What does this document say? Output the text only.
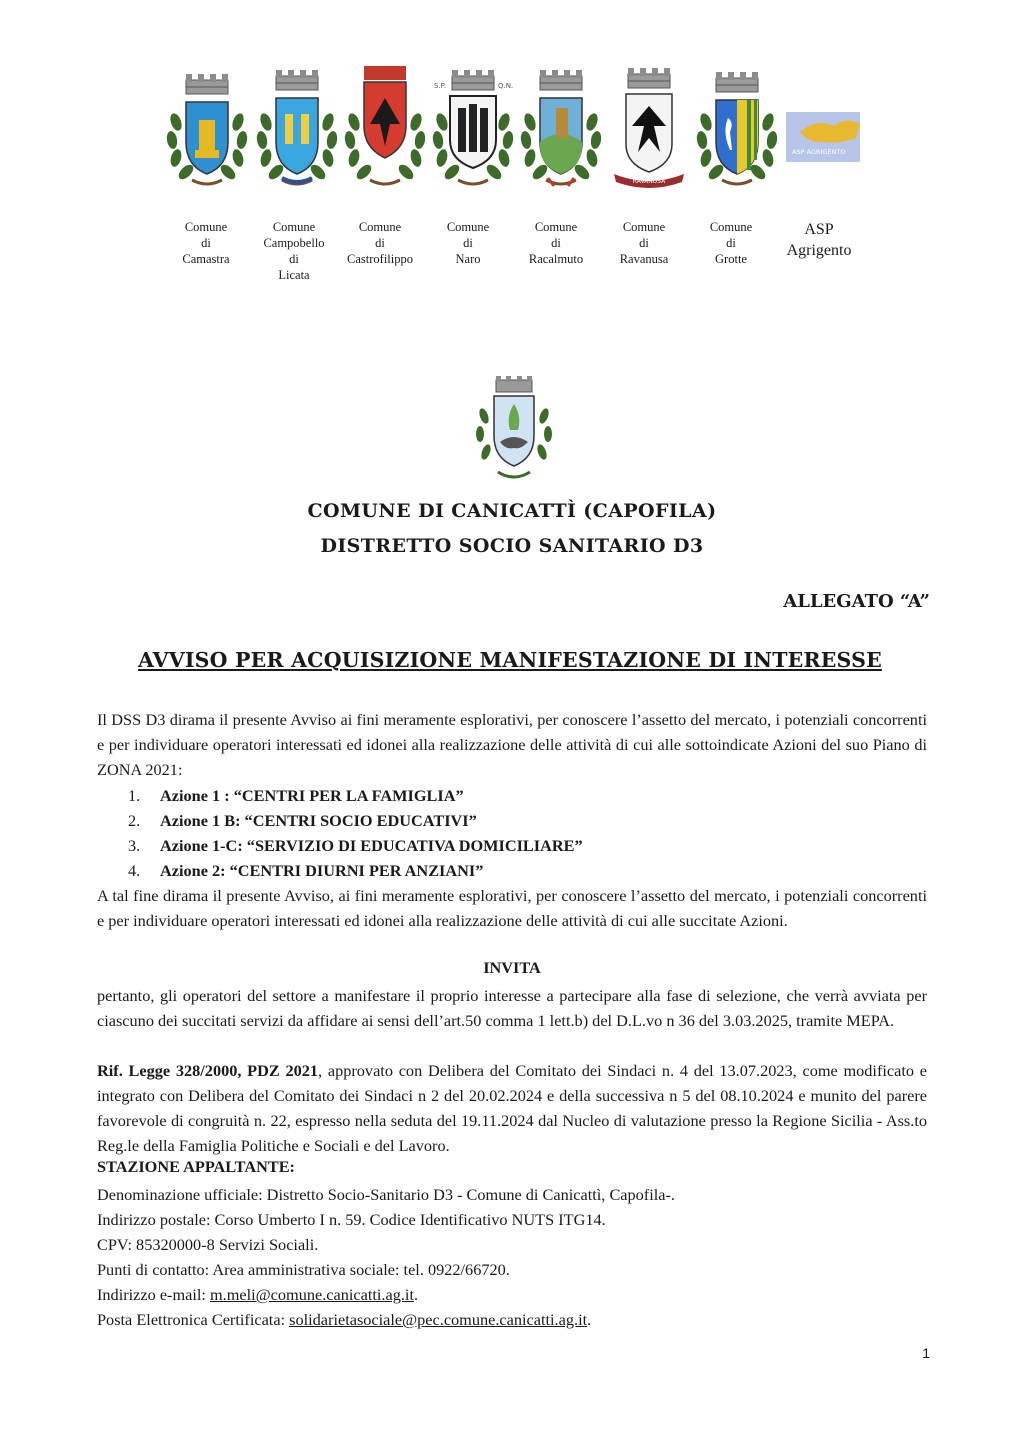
S.P.	Q.N.
RAVANUSA
ASP AGRIGENTO
Comune
di
Camastra
Comune
Campobello
di
Licata
Comune
di
Castrofilippo
Comune
di
Naro
Comune
di
Racalmuto
Comune
di
Ravanusa
Comune
di
Grotte
ASP
Agrigento
COMUNE DI CANICATTÌ (CAPOFILA)
DISTRETTO SOCIO SANITARIO D3
ALLEGATO “A”
AVVISO PER ACQUISIZIONE MANIFESTAZIONE DI INTERESSE

Il DSS D3 dirama il presente Avviso ai fini meramente esplorativi, per conoscere l’assetto del mercato, i potenziali concorrenti e per individuare operatori interessati ed idonei alla realizzazione delle attività di cui alle sottoindicate Azioni del suo Piano di ZONA 2021:

1.	Azione 1 : “CENTRI PER LA FAMIGLIA”
2.	Azione 1 B: “CENTRI SOCIO EDUCATIVI”
3.	Azione 1-C: “SERVIZIO DI EDUCATIVA DOMICILIARE”
4.	Azione 2: “CENTRI DIURNI PER ANZIANI”

A tal fine dirama il presente Avviso, ai fini meramente esplorativi, per conoscere l’assetto del mercato, i potenziali concorrenti e per individuare operatori interessati ed idonei alla realizzazione delle attività di cui alle succitate Azioni.

INVITA

pertanto, gli operatori del settore a manifestare il proprio interesse a partecipare alla fase di selezione, che verrà avviata per ciascuno dei succitati servizi da affidare ai sensi dell’art.50 comma 1 lett.b) del D.L.vo n 36 del 3.03.2025, tramite MEPA.

Rif. Legge 328/2000, PDZ 2021, approvato con Delibera del Comitato dei Sindaci n. 4 del 13.07.2023, come modificato e integrato con Delibera del Comitato dei Sindaci n 2 del 20.02.2024 e della successiva n 5 del 08.10.2024 e munito del parere favorevole di congruità n. 22, espresso nella seduta del 19.11.2024 dal Nucleo di valutazione presso la Regione Sicilia - Ass.to Reg.le della Famiglia Politiche e Sociali e del Lavoro.

STAZIONE APPALTANTE:
Denominazione ufficiale: Distretto Socio-Sanitario D3 - Comune di Canicattì, Capofila-.
Indirizzo postale: Corso Umberto I n. 59. Codice Identificativo NUTS ITG14.
CPV: 85320000-8 Servizi Sociali.
Punti di contatto: Area amministrativa sociale: tel. 0922/66720.
Indirizzo e-mail: m.meli@comune.canicatti.ag.it.
Posta Elettronica Certificata: solidarietasociale@pec.comune.canicatti.ag.it.
1
